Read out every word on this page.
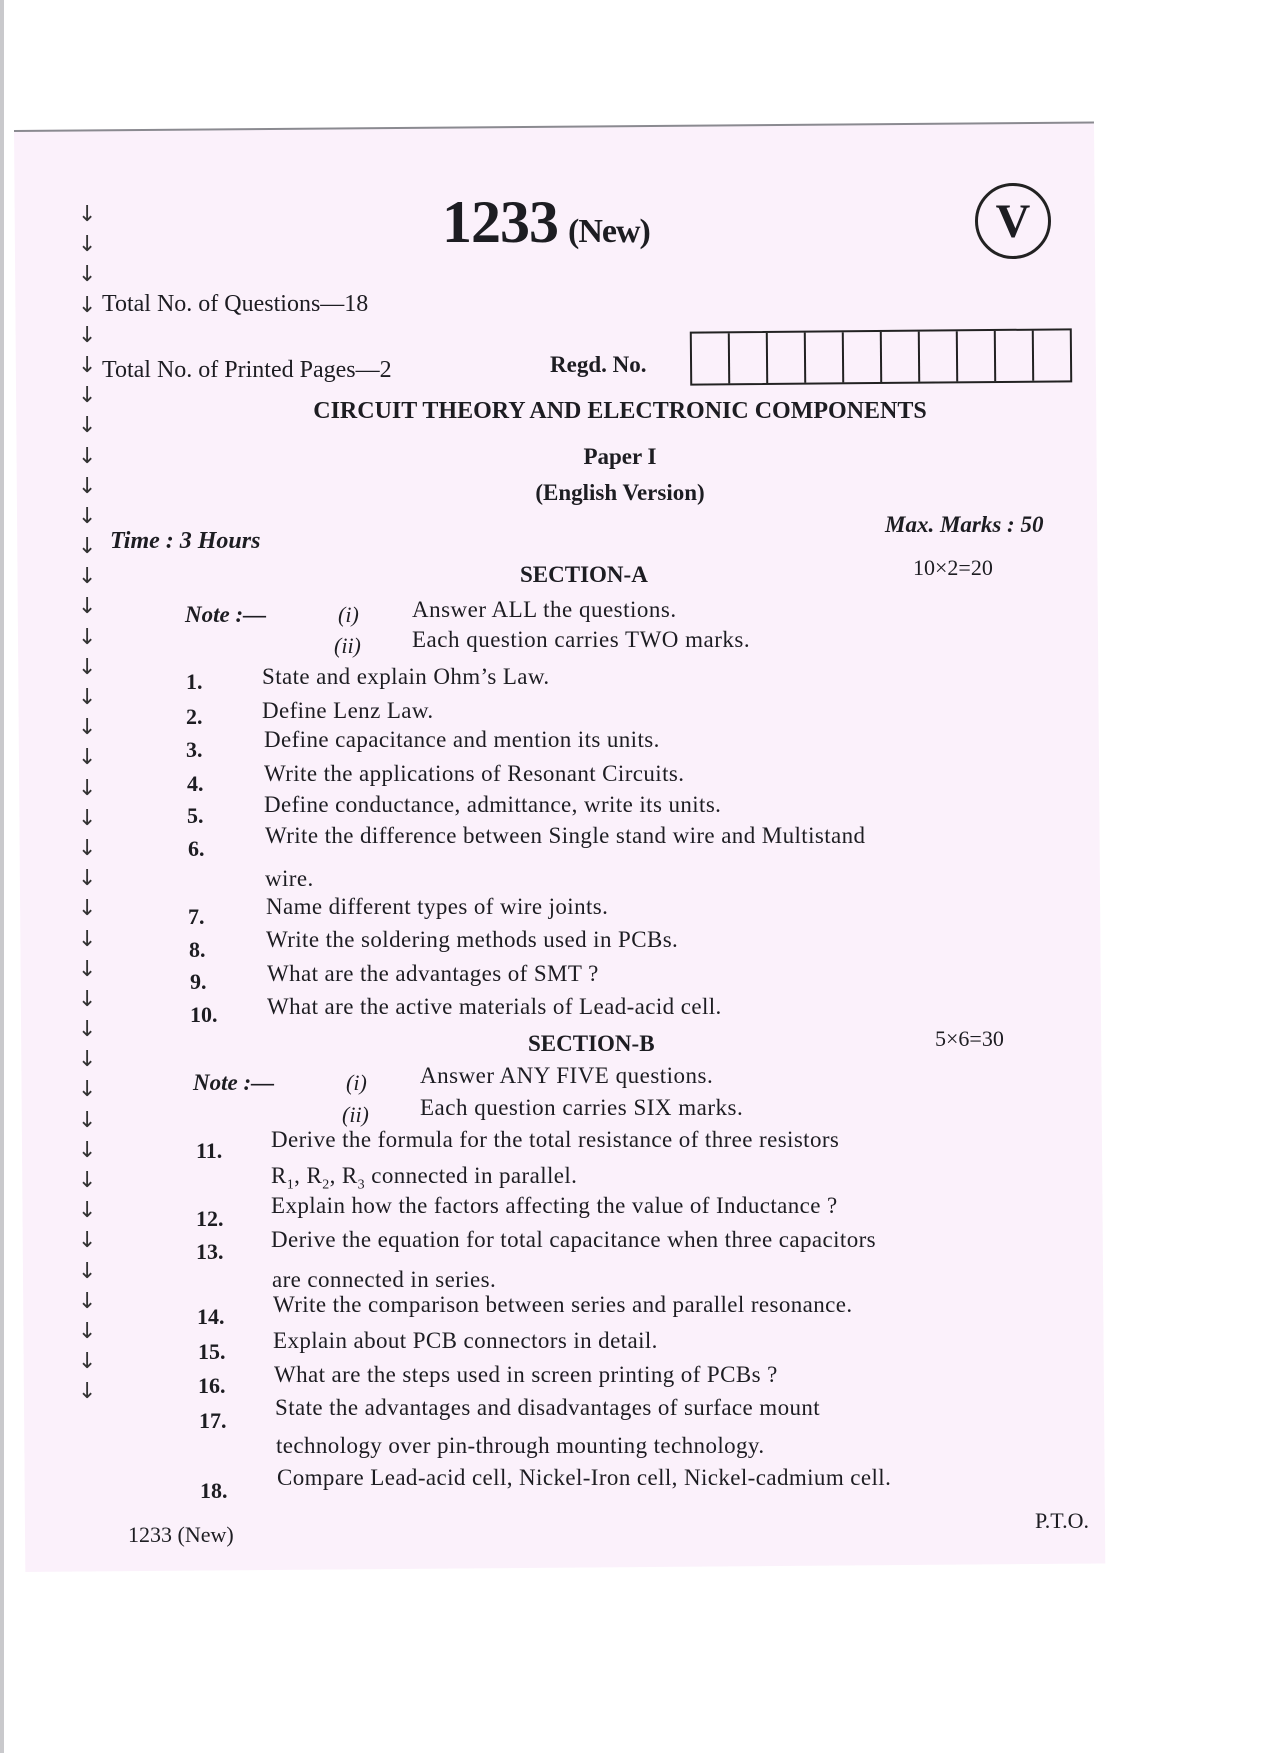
↓
↓
↓
↓
↓
↓
↓
↓
↓
↓
↓
↓
↓
↓
↓
↓
↓
↓
↓
↓
↓
↓
↓
↓
↓
↓
↓
↓
↓
↓
↓
↓
↓
↓
↓
↓
↓
↓
↓
↓
1233 (New)	V
Total No. of Questions—18
Total No. of Printed Pages—2	Regd. No.
CIRCUIT THEORY AND ELECTRONIC COMPONENTS
Paper I
(English Version)
Time : 3 Hours
Max. Marks : 50
SECTION-A	10×2=20
Note :—	(i) Answer ALL the questions.
(ii) Each question carries TWO marks.
1.	State and explain Ohm’s Law.
2.	Define Lenz Law.
3.	Define capacitance and mention its units.
4.	Write the applications of Resonant Circuits.
5.	Define conductance, admittance, write its units.
6.
Write the difference between Single stand wire and Multistand
wire.
7.	Name different types of wire joints.
8.	Write the soldering methods used in PCBs.
9.	What are the advantages of SMT ?
10. What are the active materials of Lead-acid cell.
SECTION-B	5×6=30
Note :—	(i) Answer ANY FIVE questions.
(ii) Each question carries SIX marks.
11. Derive the formula for the total resistance of three resistors
$R_1$, $R_2$, $R_3$ connected in parallel.
12.
Explain how the factors affecting the value of Inductance ?
13. Derive the equation for total capacitance when three capacitors
are connected in series.
14. Write the comparison between series and parallel resonance.
15. Explain about PCB connectors in detail.
16. What are the steps used in screen printing of PCBs ?
17.
State the advantages and disadvantages of surface mount
technology over pin-through mounting technology.
18.
Compare Lead-acid cell, Nickel-Iron cell, Nickel-cadmium cell.
1233 (New)
P.T.O.
